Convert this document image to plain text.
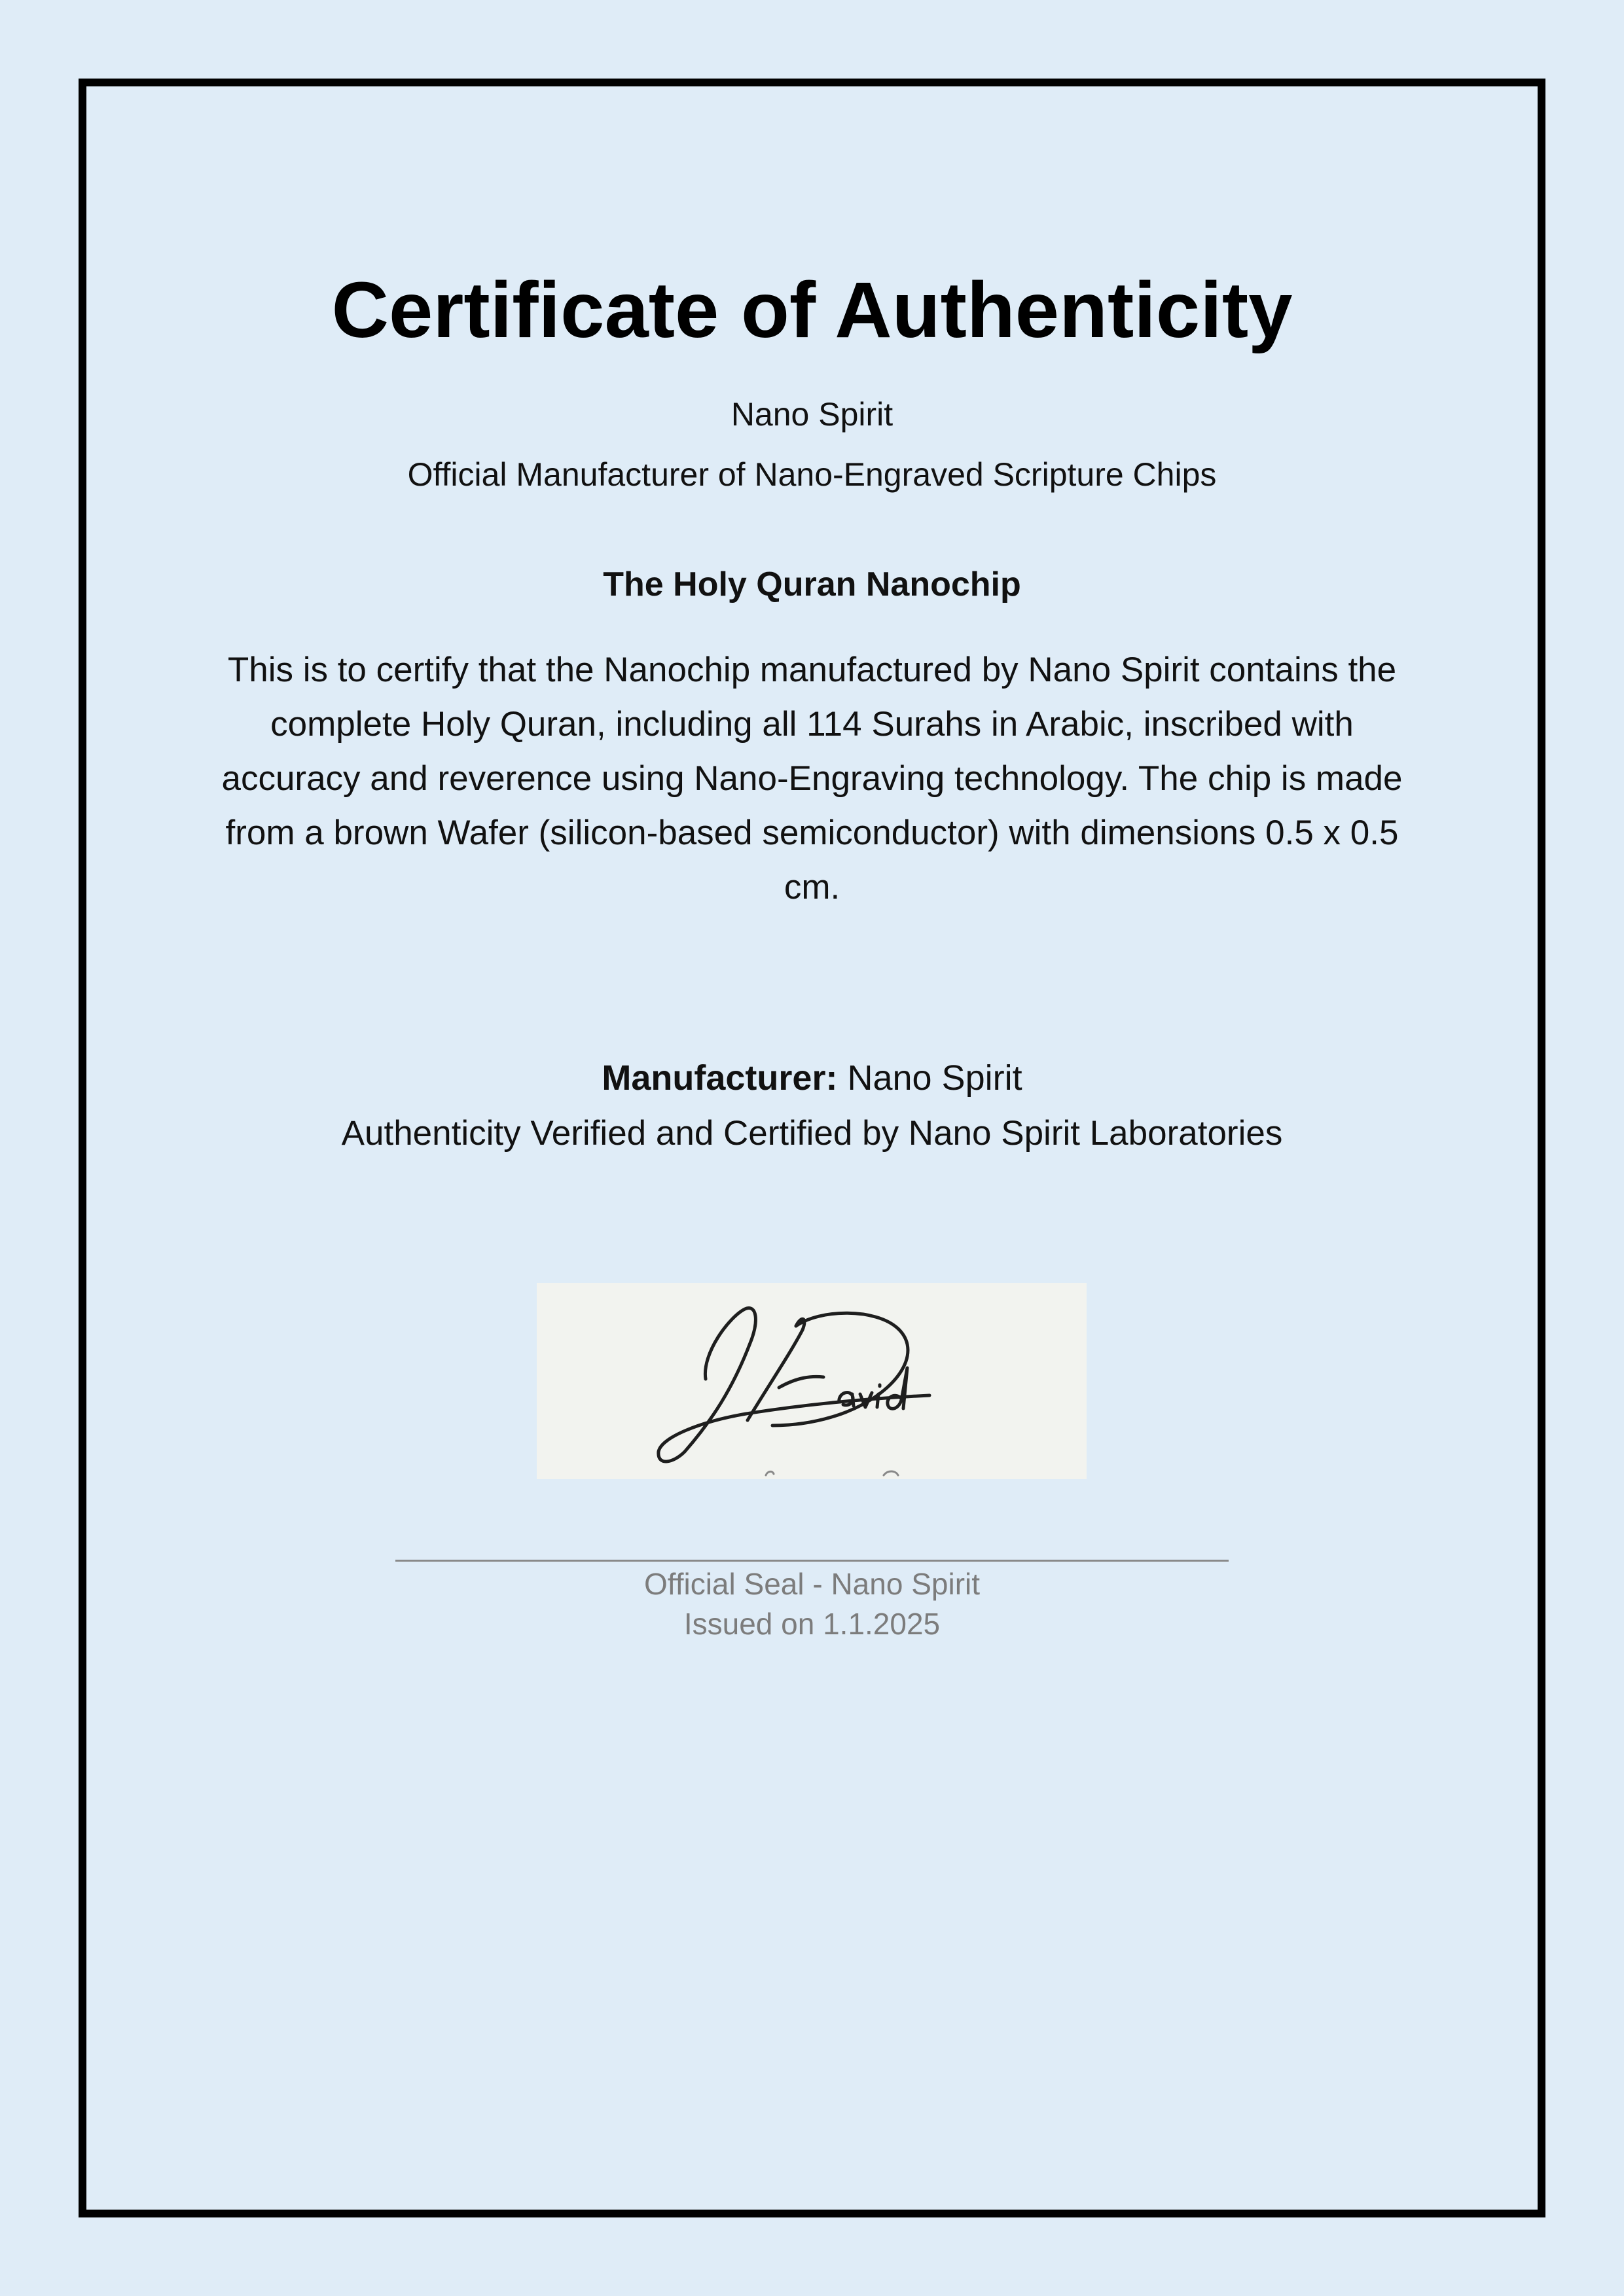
Certificate of Authenticity

Nano Spirit

Official Manufacturer of Nano-Engraved Scripture Chips

The Holy Quran Nanochip

This is to certify that the Nanochip manufactured by Nano Spirit contains the complete Holy Quran, including all 114 Surahs in Arabic, inscribed with accuracy and reverence using Nano-Engraving technology. The chip is made from a brown Wafer (silicon-based semiconductor) with dimensions 0.5 x 0.5 cm.

Manufacturer: Nano Spirit

Authenticity Verified and Certified by Nano Spirit Laboratories

Official Seal - Nano Spirit

Issued on 1.1.2025
